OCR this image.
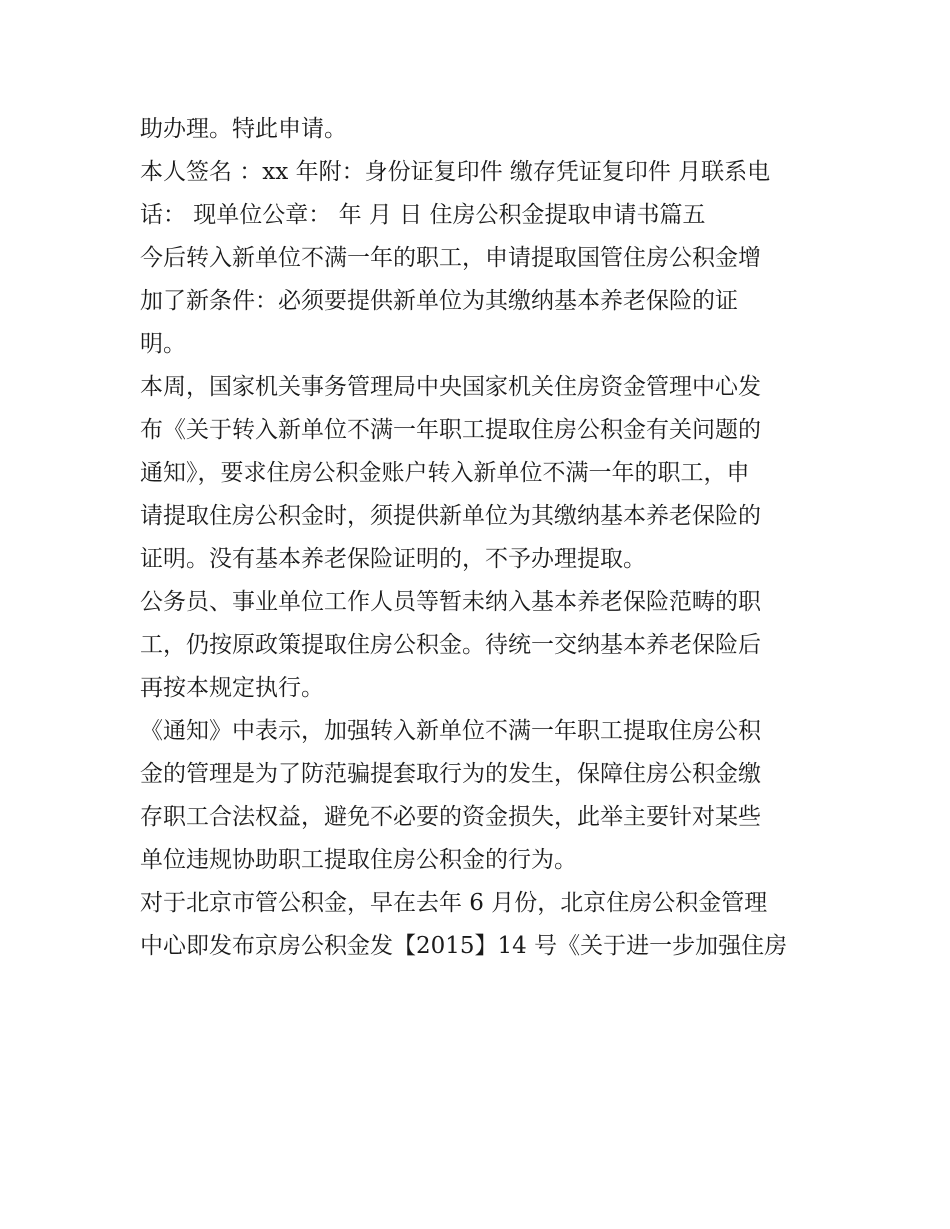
助办理。特此申请。
本人签名 ：xx 年附：身份证复印件 缴存凭证复印件 月联系电
话： 现单位公章： 年 月 日 住房公积金提取申请书篇五
今后转入新单位不满一年的职工，申请提取国管住房公积金增
加了新条件：必须要提供新单位为其缴纳基本养老保险的证
明。
本周，国家机关事务管理局中央国家机关住房资金管理中心发
布《关于转入新单位不满一年职工提取住房公积金有关问题的
通知》，要求住房公积金账户转入新单位不满一年的职工，申
请提取住房公积金时，须提供新单位为其缴纳基本养老保险的
证明。没有基本养老保险证明的，不予办理提取。
公务员、事业单位工作人员等暂未纳入基本养老保险范畴的职
工，仍按原政策提取住房公积金。待统一交纳基本养老保险后
再按本规定执行。
《通知》中表示，加强转入新单位不满一年职工提取住房公积
金的管理是为了防范骗提套取行为的发生，保障住房公积金缴
存职工合法权益，避免不必要的资金损失，此举主要针对某些
单位违规协助职工提取住房公积金的行为。
对于北京市管公积金，早在去年 6 月份，北京住房公积金管理
中心即发布京房公积金发【2015】14 号《关于进一步加强住房
